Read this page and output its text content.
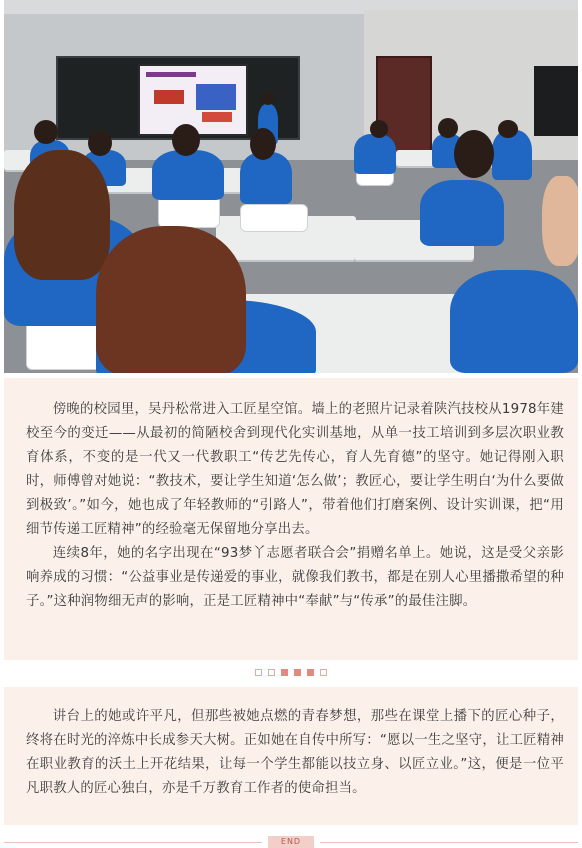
傍晚的校园里，吴丹松常进入工匠星空馆。墙上的老照片记录着陕汽技校从1978年建校至今的变迁——从最初的简陋校舍到现代化实训基地，从单一技工培训到多层次职业教育体系，不变的是一代又一代教职工“传艺先传心，育人先育德”的坚守。她记得刚入职时，师傅曾对她说：“教技术，要让学生知道‘怎么做’；教匠心，要让学生明白‘为什么要做到极致’。”如今，她也成了年轻教师的“引路人”，带着他们打磨案例、设计实训课，把“用细节传递工匠精神”的经验毫无保留地分享出去。

连续8年，她的名字出现在“93梦丫志愿者联合会”捐赠名单上。她说，这是受父亲影响养成的习惯：“公益事业是传递爱的事业，就像我们教书，都是在别人心里播撒希望的种子。”这种润物细无声的影响，正是工匠精神中“奉献”与“传承”的最佳注脚。

讲台上的她或许平凡，但那些被她点燃的青春梦想，那些在课堂上播下的匠心种子，终将在时光的淬炼中长成参天大树。正如她在自传中所写：“愿以一生之坚守，让工匠精神在职业教育的沃土上开花结果，让每一个学生都能以技立身、以匠立业。”这，便是一位平凡职教人的匠心独白，亦是千万教育工作者的使命担当。

END
